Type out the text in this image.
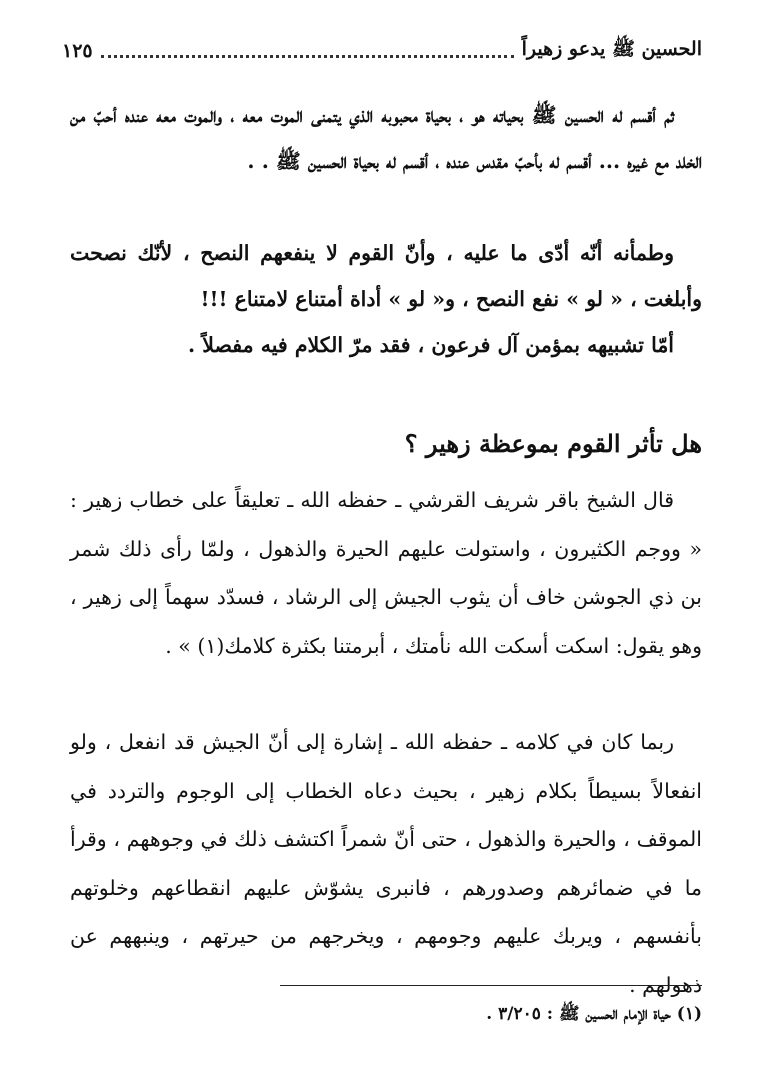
الحسين ﷺ يدعو زهيراً
١٢٥

ثم أقسم له الحسين ﷺ بحياته هو ، بحياة محبوبه الذي يتمنى الموت معه ، والموت معه عنده أحبّ من الخلد مع غيره ... أقسم له بأحبّ مقدس عنده ، أقسم له بحياة الحسين ﷺ . .

وطمأنه أنّه أدّى ما عليه ، وأنّ القوم لا ينفعهم النصح ، لأنّك نصحت وأبلغت ، « لو » نفع النصح ، و« لو » أداة أمتناع لامتناع !!!

أمّا تشبيهه بمؤمن آل فرعون ، فقد مرّ الكلام فيه مفصلاً .

هل تأثر القوم بموعظة زهير ؟

قال الشيخ باقر شريف القرشي ـ حفظه الله ـ تعليقاً على خطاب زهير : « ووجم الكثيرون ، واستولت عليهم الحيرة والذهول ، ولمّا رأى ذلك شمر بن ذي الجوشن خاف أن يثوب الجيش إلى الرشاد ، فسدّد سهماً إلى زهير ، وهو يقول: اسكت أسكت الله نأمتك ، أبرمتنا بكثرة كلامك(١) » .

ربما كان في كلامه ـ حفظه الله ـ إشارة إلى أنّ الجيش قد انفعل ، ولو انفعالاً بسيطاً بكلام زهير ، بحيث دعاه الخطاب إلى الوجوم والتردد في الموقف ، والحيرة والذهول ، حتى أنّ شمراً اكتشف ذلك في وجوههم ، وقرأ ما في ضمائرهم وصدورهم ، فانبرى يشوّش عليهم انقطاعهم وخلوتهم بأنفسهم ، ويربك عليهم وجومهم ، ويخرجهم من حيرتهم ، وينبههم عن ذهولهم .

(١) حياة الإمام الحسين ﷺ : ٣/٢٠٥ .
